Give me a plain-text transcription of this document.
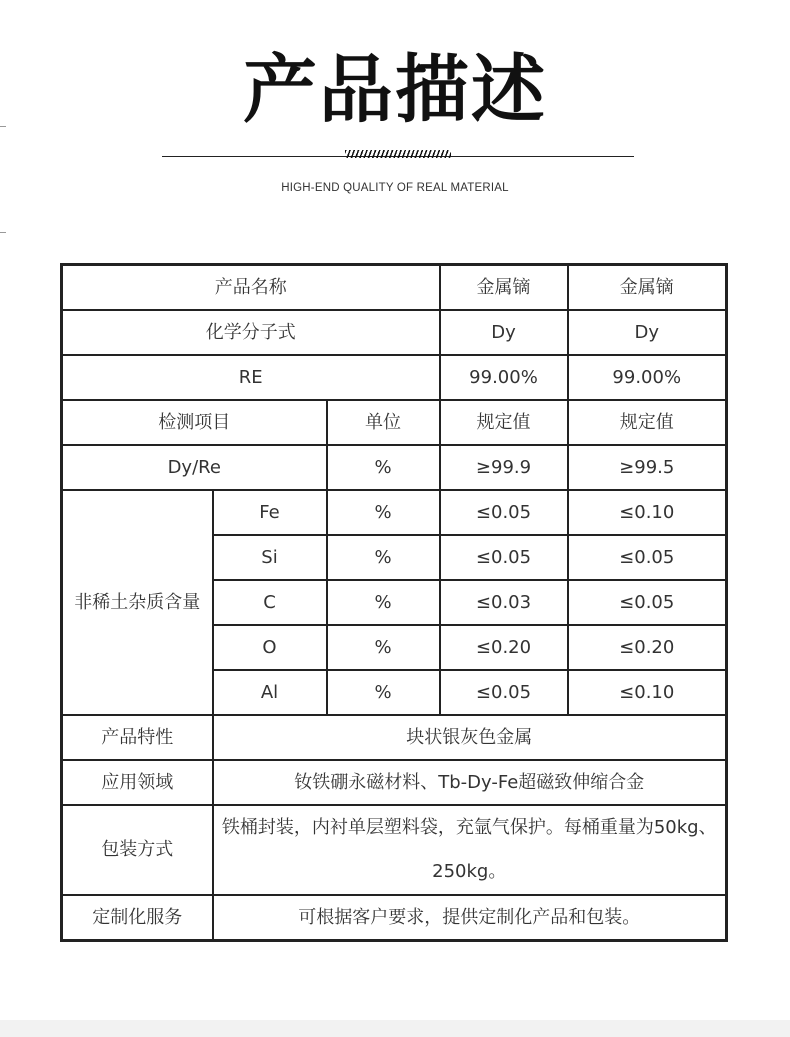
产品描述
HIGH-END QUALITY OF REAL MATERIAL
产品名称			金属镝	金属镝
化学分子式			Dy	Dy
RE			99.00%	99.00%
检测项目		单位	规定值	规定值
Dy/Re		%	≥99.9	≥99.5
非稀土杂质含量	Fe	%	≤0.05	≤0.10
	Si	%	≤0.05	≤0.05
	C	%	≤0.03	≤0.05
	O	%	≤0.20	≤0.20
	Al	%	≤0.05	≤0.10
产品特性	块状银灰色金属			
应用领域	钕铁硼永磁材料、Tb-Dy-Fe超磁致伸缩合金			
包装方式	铁桶封装，内衬单层塑料袋，充氩气保护。每桶重量为50kg、250kg。			
定制化服务	可根据客户要求，提供定制化产品和包装。			
